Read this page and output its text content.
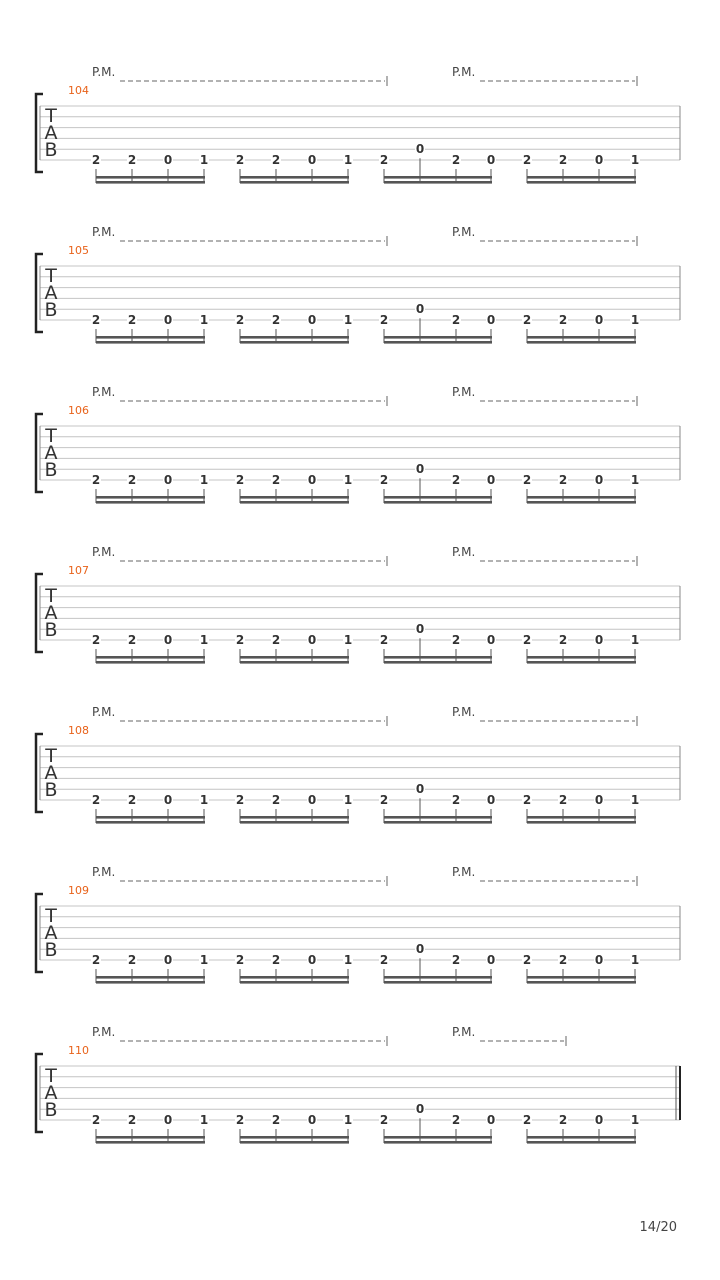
P.M.	P.M.
104
T
A
B	2 2 0 1 2 2 0 1 2
0
2 0 2 2 0 1
P.M.	P.M.
105
T
A
B	2 2 0 1 2 2 0 1 2
0
2 0 2 2 0 1
P.M.	P.M.
106
T
A
B	2 2 0 1 2 2 0 1 2
0
2 0 2 2 0 1
P.M.	P.M.
107
T
A
B	2 2 0 1 2 2 0 1 2
0
2 0 2 2 0 1
P.M.	P.M.
108
T
A
B	2 2 0 1 2 2 0 1 2
0
2 0 2 2 0 1
P.M.	P.M.
109
T
A
B	2 2 0 1 2 2 0 1 2
0
2 0 2 2 0 1
P.M.	P.M.
110
T
A
B	2 2 0 1 2 2 0 1 2
0
2 0 2 2 0 1
14/20
